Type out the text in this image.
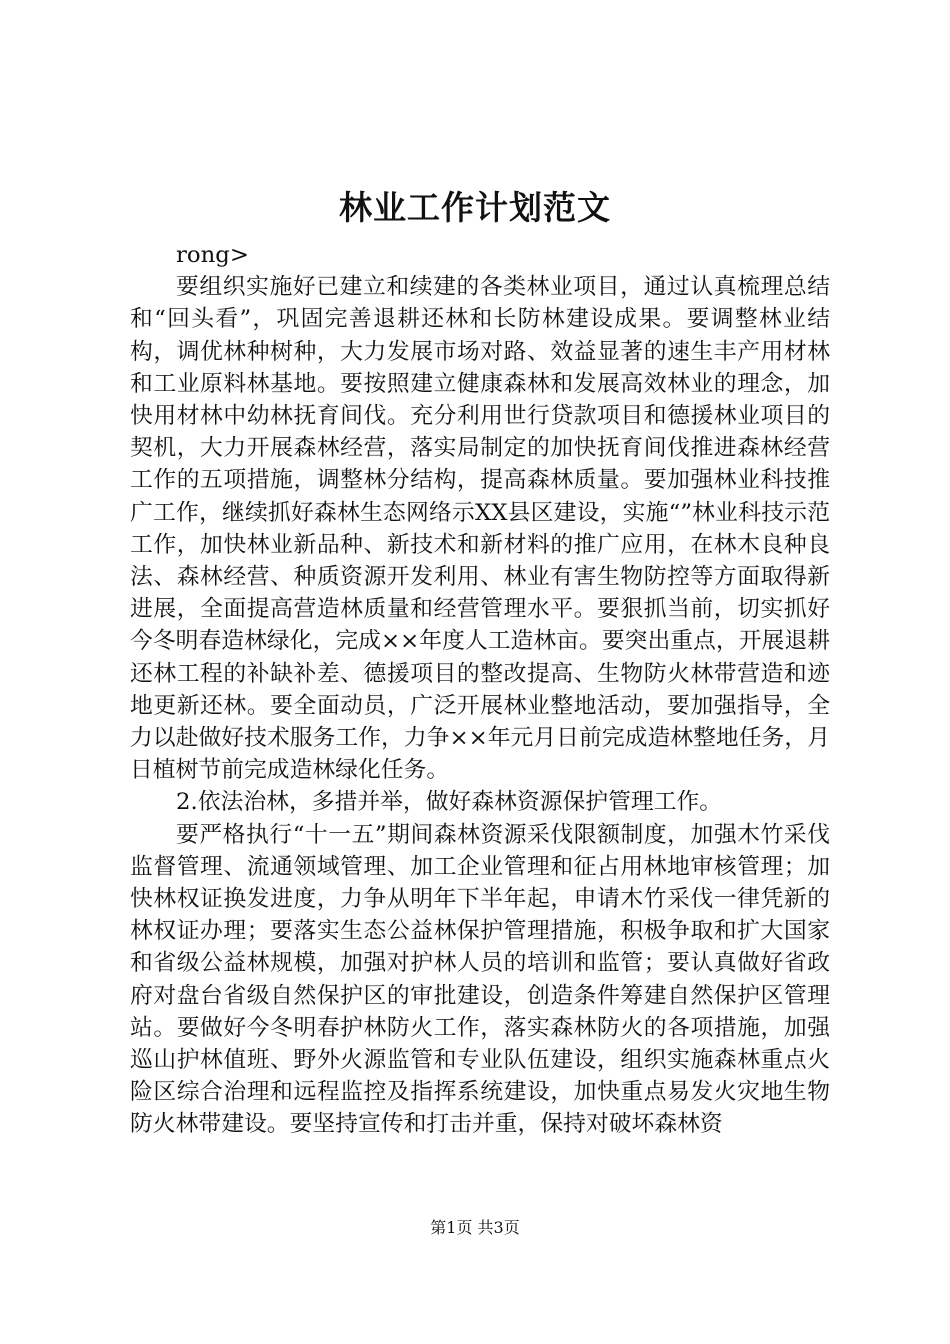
林业工作计划范文

rong>

要组织实施好已建立和续建的各类林业项目，通过认真梳理总结和“回头看”，巩固完善退耕还林和长防林建设成果。要调整林业结构，调优林种树种，大力发展市场对路、效益显著的速生丰产用材林和工业原料林基地。要按照建立健康森林和发展高效林业的理念，加快用材林中幼林抚育间伐。充分利用世行贷款项目和德援林业项目的契机，大力开展森林经营，落实局制定的加快抚育间伐推进森林经营工作的五项措施，调整林分结构，提高森林质量。要加强林业科技推广工作，继续抓好森林生态网络示XX县区建设，实施“”林业科技示范工作，加快林业新品种、新技术和新材料的推广应用，在林木良种良法、森林经营、种质资源开发利用、林业有害生物防控等方面取得新进展，全面提高营造林质量和经营管理水平。要狠抓当前，切实抓好今冬明春造林绿化，完成××年度人工造林亩。要突出重点，开展退耕还林工程的补缺补差、德援项目的整改提高、生物防火林带营造和迹地更新还林。要全面动员，广泛开展林业整地活动，要加强指导，全力以赴做好技术服务工作，力争××年元月日前完成造林整地任务，月日植树节前完成造林绿化任务。

2.依法治林，多措并举，做好森林资源保护管理工作。

要严格执行“十一五”期间森林资源采伐限额制度，加强木竹采伐监督管理、流通领域管理、加工企业管理和征占用林地审核管理；加快林权证换发进度，力争从明年下半年起，申请木竹采伐一律凭新的林权证办理；要落实生态公益林保护管理措施，积极争取和扩大国家和省级公益林规模，加强对护林人员的培训和监管；要认真做好省政府对盘台省级自然保护区的审批建设，创造条件筹建自然保护区管理站。要做好今冬明春护林防火工作，落实森林防火的各项措施，加强巡山护林值班、野外火源监管和专业队伍建设，组织实施森林重点火险区综合治理和远程监控及指挥系统建设，加快重点易发火灾地生物防火林带建设。要坚持宣传和打击并重，保持对破坏森林资

第1页 共3页
